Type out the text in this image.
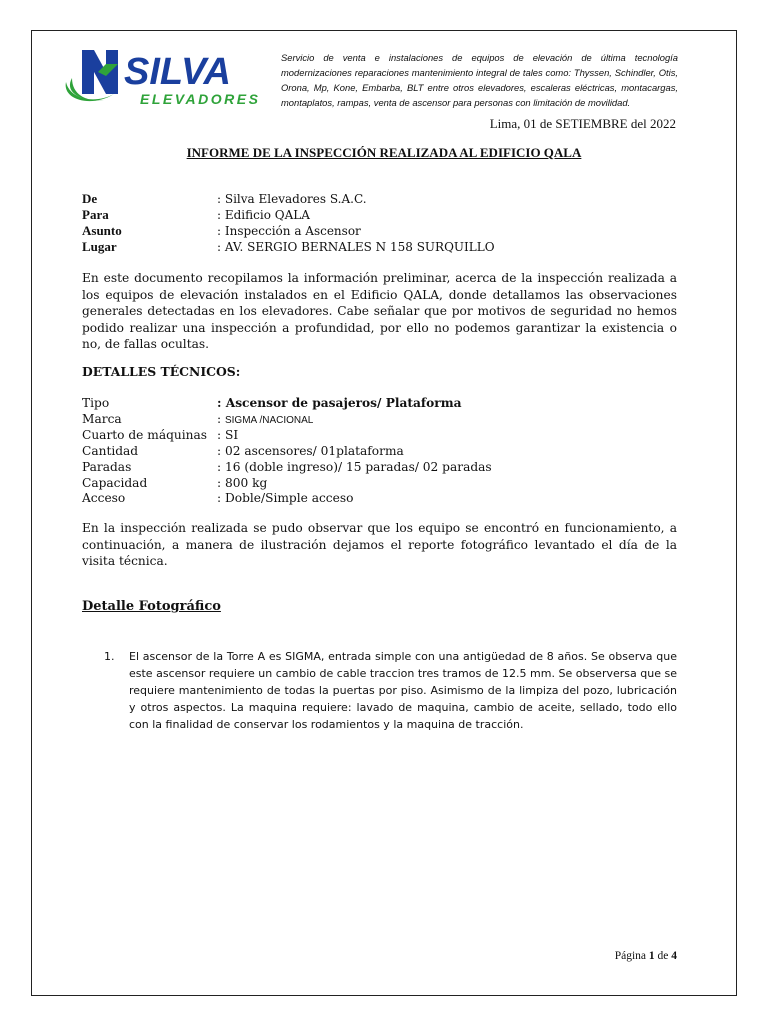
SILVA
ELEVADORES
Servicio de venta e instalaciones de equipos de elevación de última tecnología modernizaciones reparaciones mantenimiento integral de tales como: Thyssen, Schindler, Otis, Orona, Mp, Kone, Embarba, BLT entre otros elevadores, escaleras eléctricas, montacargas, montaplatos, rampas, venta de ascensor para personas con limitación de movilidad.
Lima, 01 de SETIEMBRE del 2022
INFORME DE LA INSPECCIÓN REALIZADA AL EDIFICIO QALA
De	: Silva Elevadores S.A.C.
Para	: Edificio QALA
Asunto	: Inspección a Ascensor
Lugar	: AV. SERGIO BERNALES N 158 SURQUILLO
En este documento recopilamos la información preliminar, acerca de la inspección realizada a los equipos de elevación instalados en el Edificio QALA, donde detallamos las observaciones generales detectadas en los elevadores. Cabe señalar que por motivos de seguridad no hemos podido realizar una inspección a profundidad, por ello no podemos garantizar la existencia o no, de fallas ocultas.
DETALLES TÉCNICOS:
Tipo	: Ascensor de pasajeros/ Plataforma
Marca	: SIGMA /NACIONAL
Cuarto de máquinas : SI
Cantidad	: 02 ascensores/ 01plataforma
Paradas	: 16 (doble ingreso)/ 15 paradas/ 02 paradas
Capacidad	: 800 kg
Acceso	: Doble/Simple acceso
En la inspección realizada se pudo observar que los equipo se encontró en funcionamiento, a continuación, a manera de ilustración dejamos el reporte fotográfico levantado el día de la visita técnica.
Detalle Fotográfico
1.	El ascensor de la Torre A es SIGMA, entrada simple con una antigüedad de 8 años. Se observa que este ascensor requiere un cambio de cable traccion tres tramos de 12.5 mm. Se observersa que se requiere mantenimiento de todas la puertas por piso. Asimismo de la limpiza del pozo, lubricación y otros aspectos. La maquina requiere: lavado de maquina, cambio de aceite, sellado, todo ello con la finalidad de conservar los rodamientos y la maquina de tracción.
Página 1 de 4
